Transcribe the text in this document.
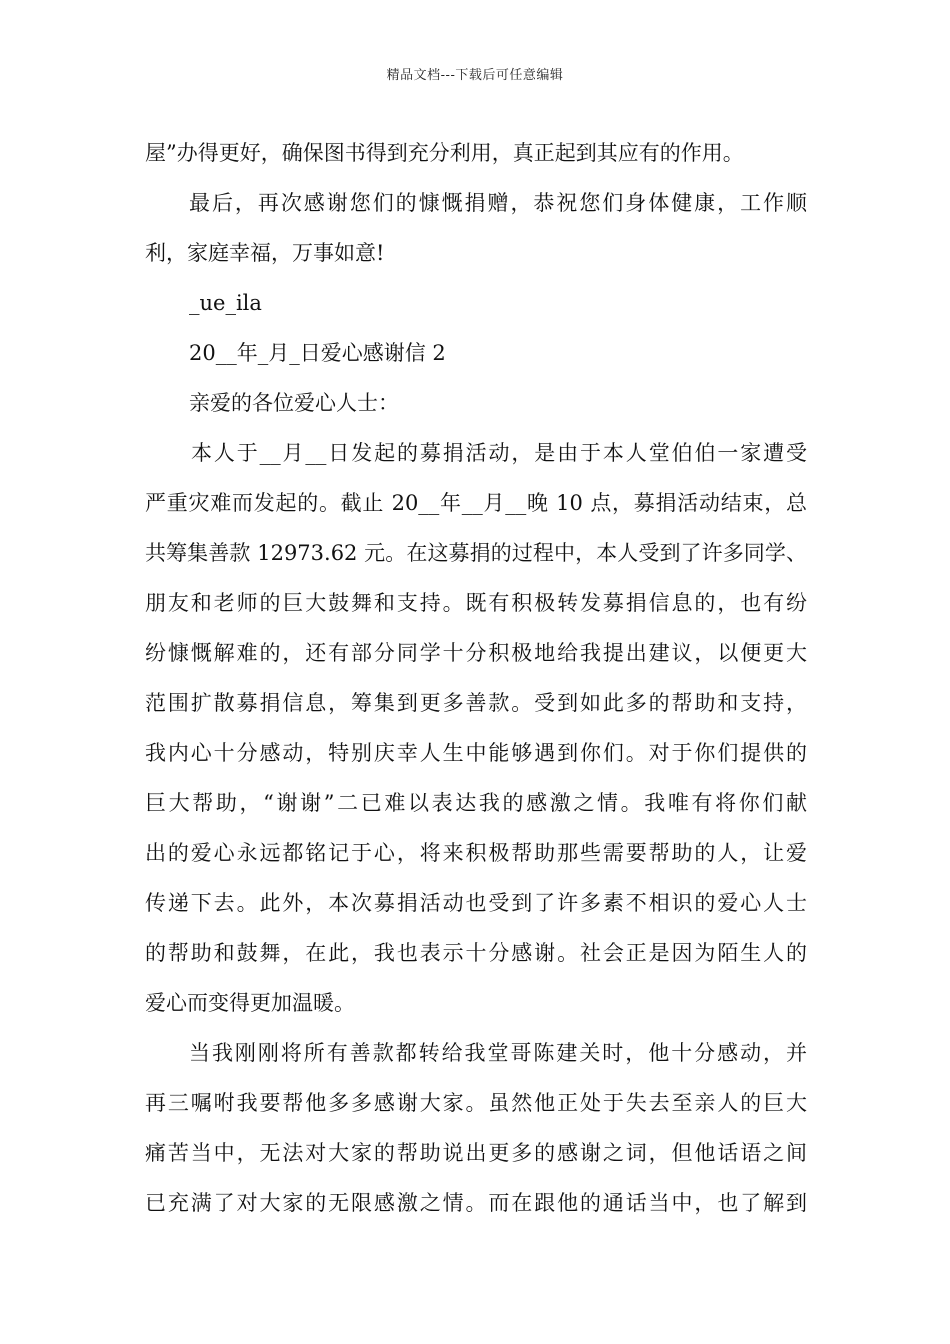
精品文档---下载后可任意编辑
屋”办得更好，确保图书得到充分利用，真正起到其应有的作用。
最后，再次感谢您们的慷慨捐赠，恭祝您们身体健康，工作顺
利，家庭幸福，万事如意!
_ue_ila
20__年_月_日爱心感谢信 2
亲爱的各位爱心人士：
本人于__月__日发起的募捐活动，是由于本人堂伯伯一家遭受
严重灾难而发起的。截止 20__年__月__晚 10 点，募捐活动结束，总
共筹集善款 12973.62 元。在这募捐的过程中，本人受到了许多同学、
朋友和老师的巨大鼓舞和支持。既有积极转发募捐信息的，也有纷
纷慷慨解难的，还有部分同学十分积极地给我提出建议，以便更大
范围扩散募捐信息，筹集到更多善款。受到如此多的帮助和支持，
我内心十分感动，特别庆幸人生中能够遇到你们。对于你们提供的
巨大帮助，“谢谢”二已难以表达我的感激之情。我唯有将你们献
出的爱心永远都铭记于心，将来积极帮助那些需要帮助的人，让爱
传递下去。此外，本次募捐活动也受到了许多素不相识的爱心人士
的帮助和鼓舞，在此，我也表示十分感谢。社会正是因为陌生人的
爱心而变得更加温暖。
当我刚刚将所有善款都转给我堂哥陈建关时，他十分感动，并
再三嘱咐我要帮他多多感谢大家。虽然他正处于失去至亲人的巨大
痛苦当中，无法对大家的帮助说出更多的感谢之词，但他话语之间
已充满了对大家的无限感激之情。而在跟他的通话当中，也了解到
